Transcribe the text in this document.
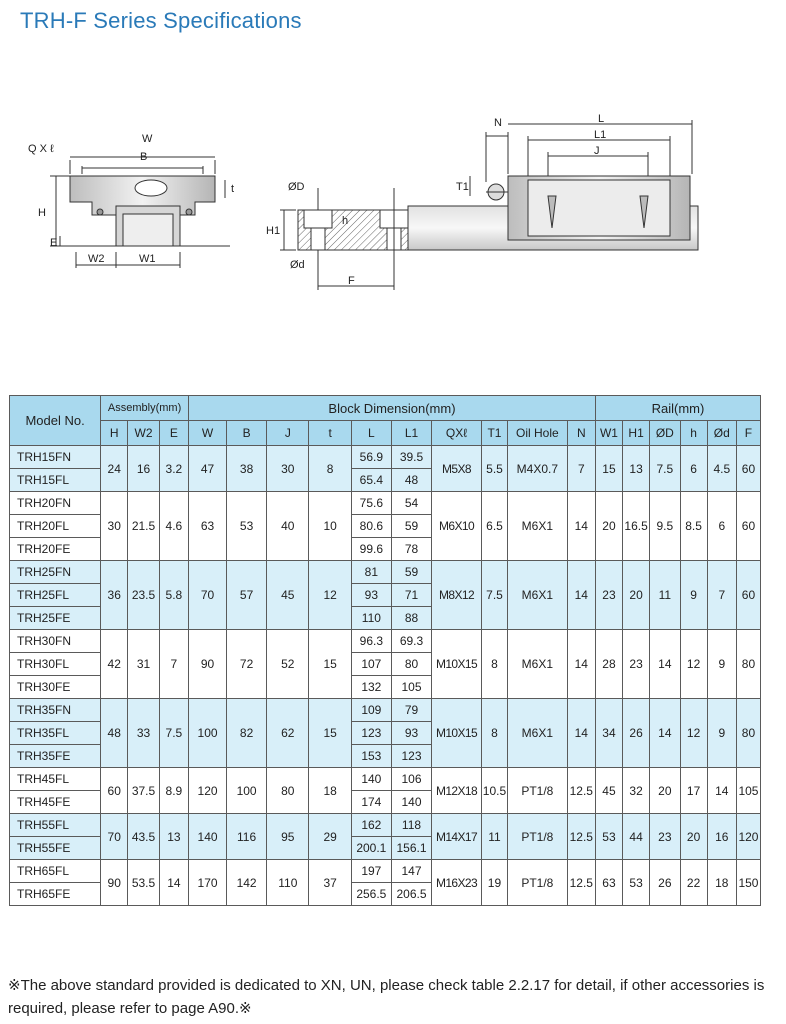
TRH-F Series Specifications
W
B
Q X ℓ
t
H
E
W2	W1
ØD
h
H1
Ød
F
N	L
L1
J
T1
Model No.	Assembly(mm)			Block Dimension(mm)										Rail(mm)					
	H	W2	E	W	B	J	t	L	L1	QXℓ	T1	Oil Hole	N	W1	H1	ØD	h	Ød	F
TRH15FN	24	16	3.2	47	38	30	8	56.9	39.5	M5X8	5.5	M4X0.7	7	15	13	7.5	6	4.5	60
TRH15FL								65.4	48										
TRH20FN	30	21.5	4.6	63	53	40	10	75.6	54	M6X10	6.5	M6X1	14	20	16.5	9.5	8.5	6	60
TRH20FL								80.6	59										
TRH20FE								99.6	78										
TRH25FN	36	23.5	5.8	70	57	45	12	81	59	M8X12	7.5	M6X1	14	23	20	11	9	7	60
TRH25FL								93	71										
TRH25FE								110	88										
TRH30FN	42	31	7	90	72	52	15	96.3	69.3	M10X15	8	M6X1	14	28	23	14	12	9	80
TRH30FL								107	80										
TRH30FE								132	105										
TRH35FN	48	33	7.5	100	82	62	15	109	79	M10X15	8	M6X1	14	34	26	14	12	9	80
TRH35FL								123	93										
TRH35FE								153	123										
TRH45FL	60	37.5	8.9	120	100	80	18	140	106	M12X18	10.5	PT1/8	12.5	45	32	20	17	14	105
TRH45FE								174	140										
TRH55FL	70	43.5	13	140	116	95	29	162	118	M14X17	11	PT1/8	12.5	53	44	23	20	16	120
TRH55FE								200.1	156.1										
TRH65FL	90	53.5	14	170	142	110	37	197	147	M16X23	19	PT1/8	12.5	63	53	26	22	18	150
TRH65FE								256.5	206.5										
※The above standard provided is dedicated to XN, UN, please check table 2.2.17 for detail, if other accessories is required, please refer to page A90.※
